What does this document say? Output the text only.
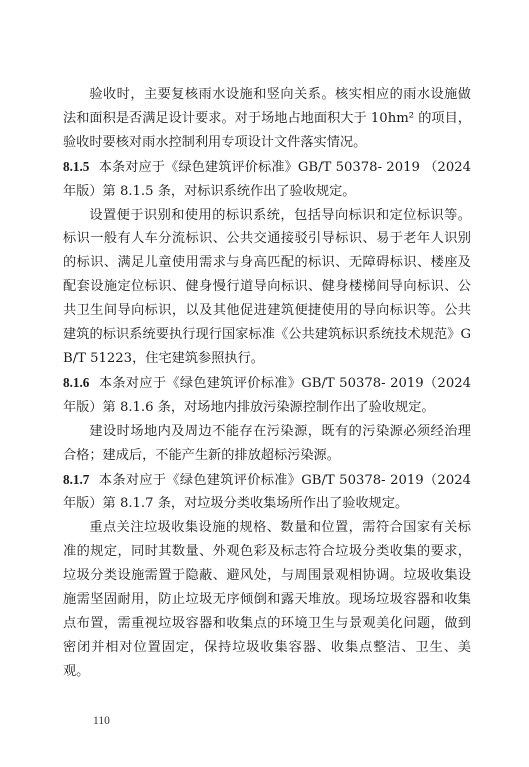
验收时，主要复核雨水设施和竖向关系。核实相应的雨水设施做法和面积是否满足设计要求。对于场地占地面积大于 10hm² 的项目，验收时要核对雨水控制利用专项设计文件落实情况。

8.1.5 本条对应于《绿色建筑评价标准》GB/T 50378- 2019 （2024年版）第 8.1.5 条，对标识系统作出了验收规定。

设置便于识别和使用的标识系统，包括导向标识和定位标识等。标识一般有人车分流标识、公共交通接驳引导标识、易于老年人识别的标识、满足儿童使用需求与身高匹配的标识、无障碍标识、楼座及配套设施定位标识、健身慢行道导向标识、健身楼梯间导向标识、公共卫生间导向标识，以及其他促进建筑便捷使用的导向标识等。公共建筑的标识系统要执行现行国家标准《公共建筑标识系统技术规范》GB/T 51223，住宅建筑参照执行。

8.1.6 本条对应于《绿色建筑评价标准》GB/T 50378- 2019（2024年版）第 8.1.6 条，对场地内排放污染源控制作出了验收规定。

建设时场地内及周边不能存在污染源，既有的污染源必须经治理合格；建成后，不能产生新的排放超标污染源。

8.1.7 本条对应于《绿色建筑评价标准》GB/T 50378- 2019（2024年版）第 8.1.7 条，对垃圾分类收集场所作出了验收规定。

重点关注垃圾收集设施的规格、数量和位置，需符合国家有关标准的规定，同时其数量、外观色彩及标志符合垃圾分类收集的要求，垃圾分类设施需置于隐蔽、避风处，与周围景观相协调。垃圾收集设施需坚固耐用，防止垃圾无序倾倒和露天堆放。现场垃圾容器和收集点布置，需重视垃圾容器和收集点的环境卫生与景观美化问题，做到密闭并相对位置固定，保持垃圾收集容器、收集点整洁、卫生、美观。

110
